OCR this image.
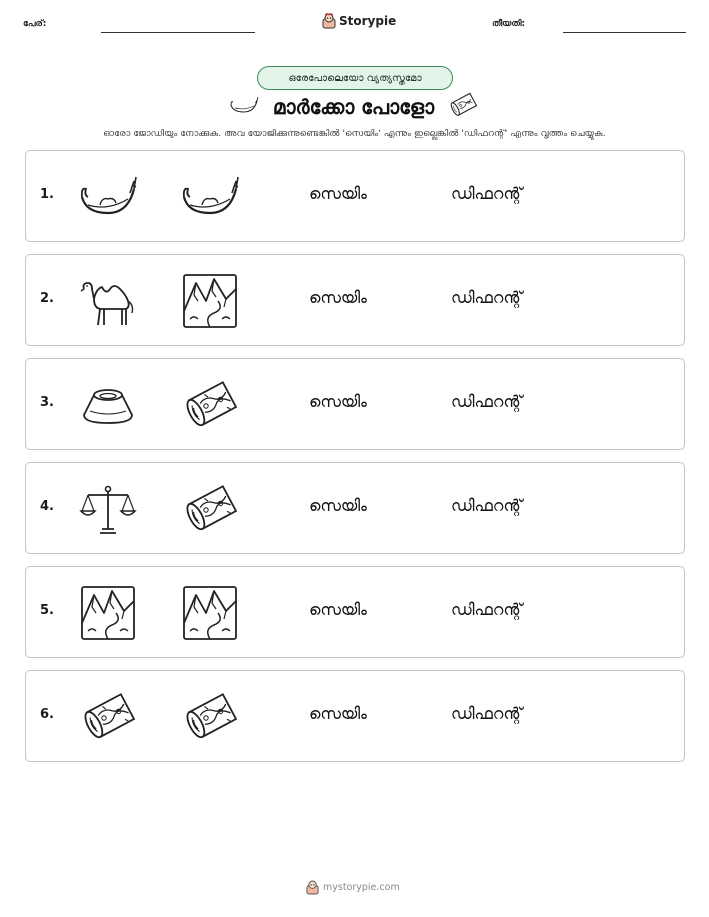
പേര്:	Storypie	തീയതി:
ഒരേപോലെയോ വ്യത്യസ്തമോ
മാർക്കോ പോളോ
ഓരോ ജോഡിയും നോക്കുക. അവ യോജിക്കുന്നുണ്ടെങ്കിൽ 'സെയിം' എന്നും ഇല്ലെങ്കിൽ 'ഡിഫറന്റ്' എന്നും വൃത്തം ചെയ്യുക.
1.	സെയിം	ഡിഫറന്റ്
2.	സെയിം	ഡിഫറന്റ്
3.	സെയിം	ഡിഫറന്റ്
4.	സെയിം	ഡിഫറന്റ്
5.	സെയിം	ഡിഫറന്റ്
6.	സെയിം	ഡിഫറന്റ്
mystorypie.com
